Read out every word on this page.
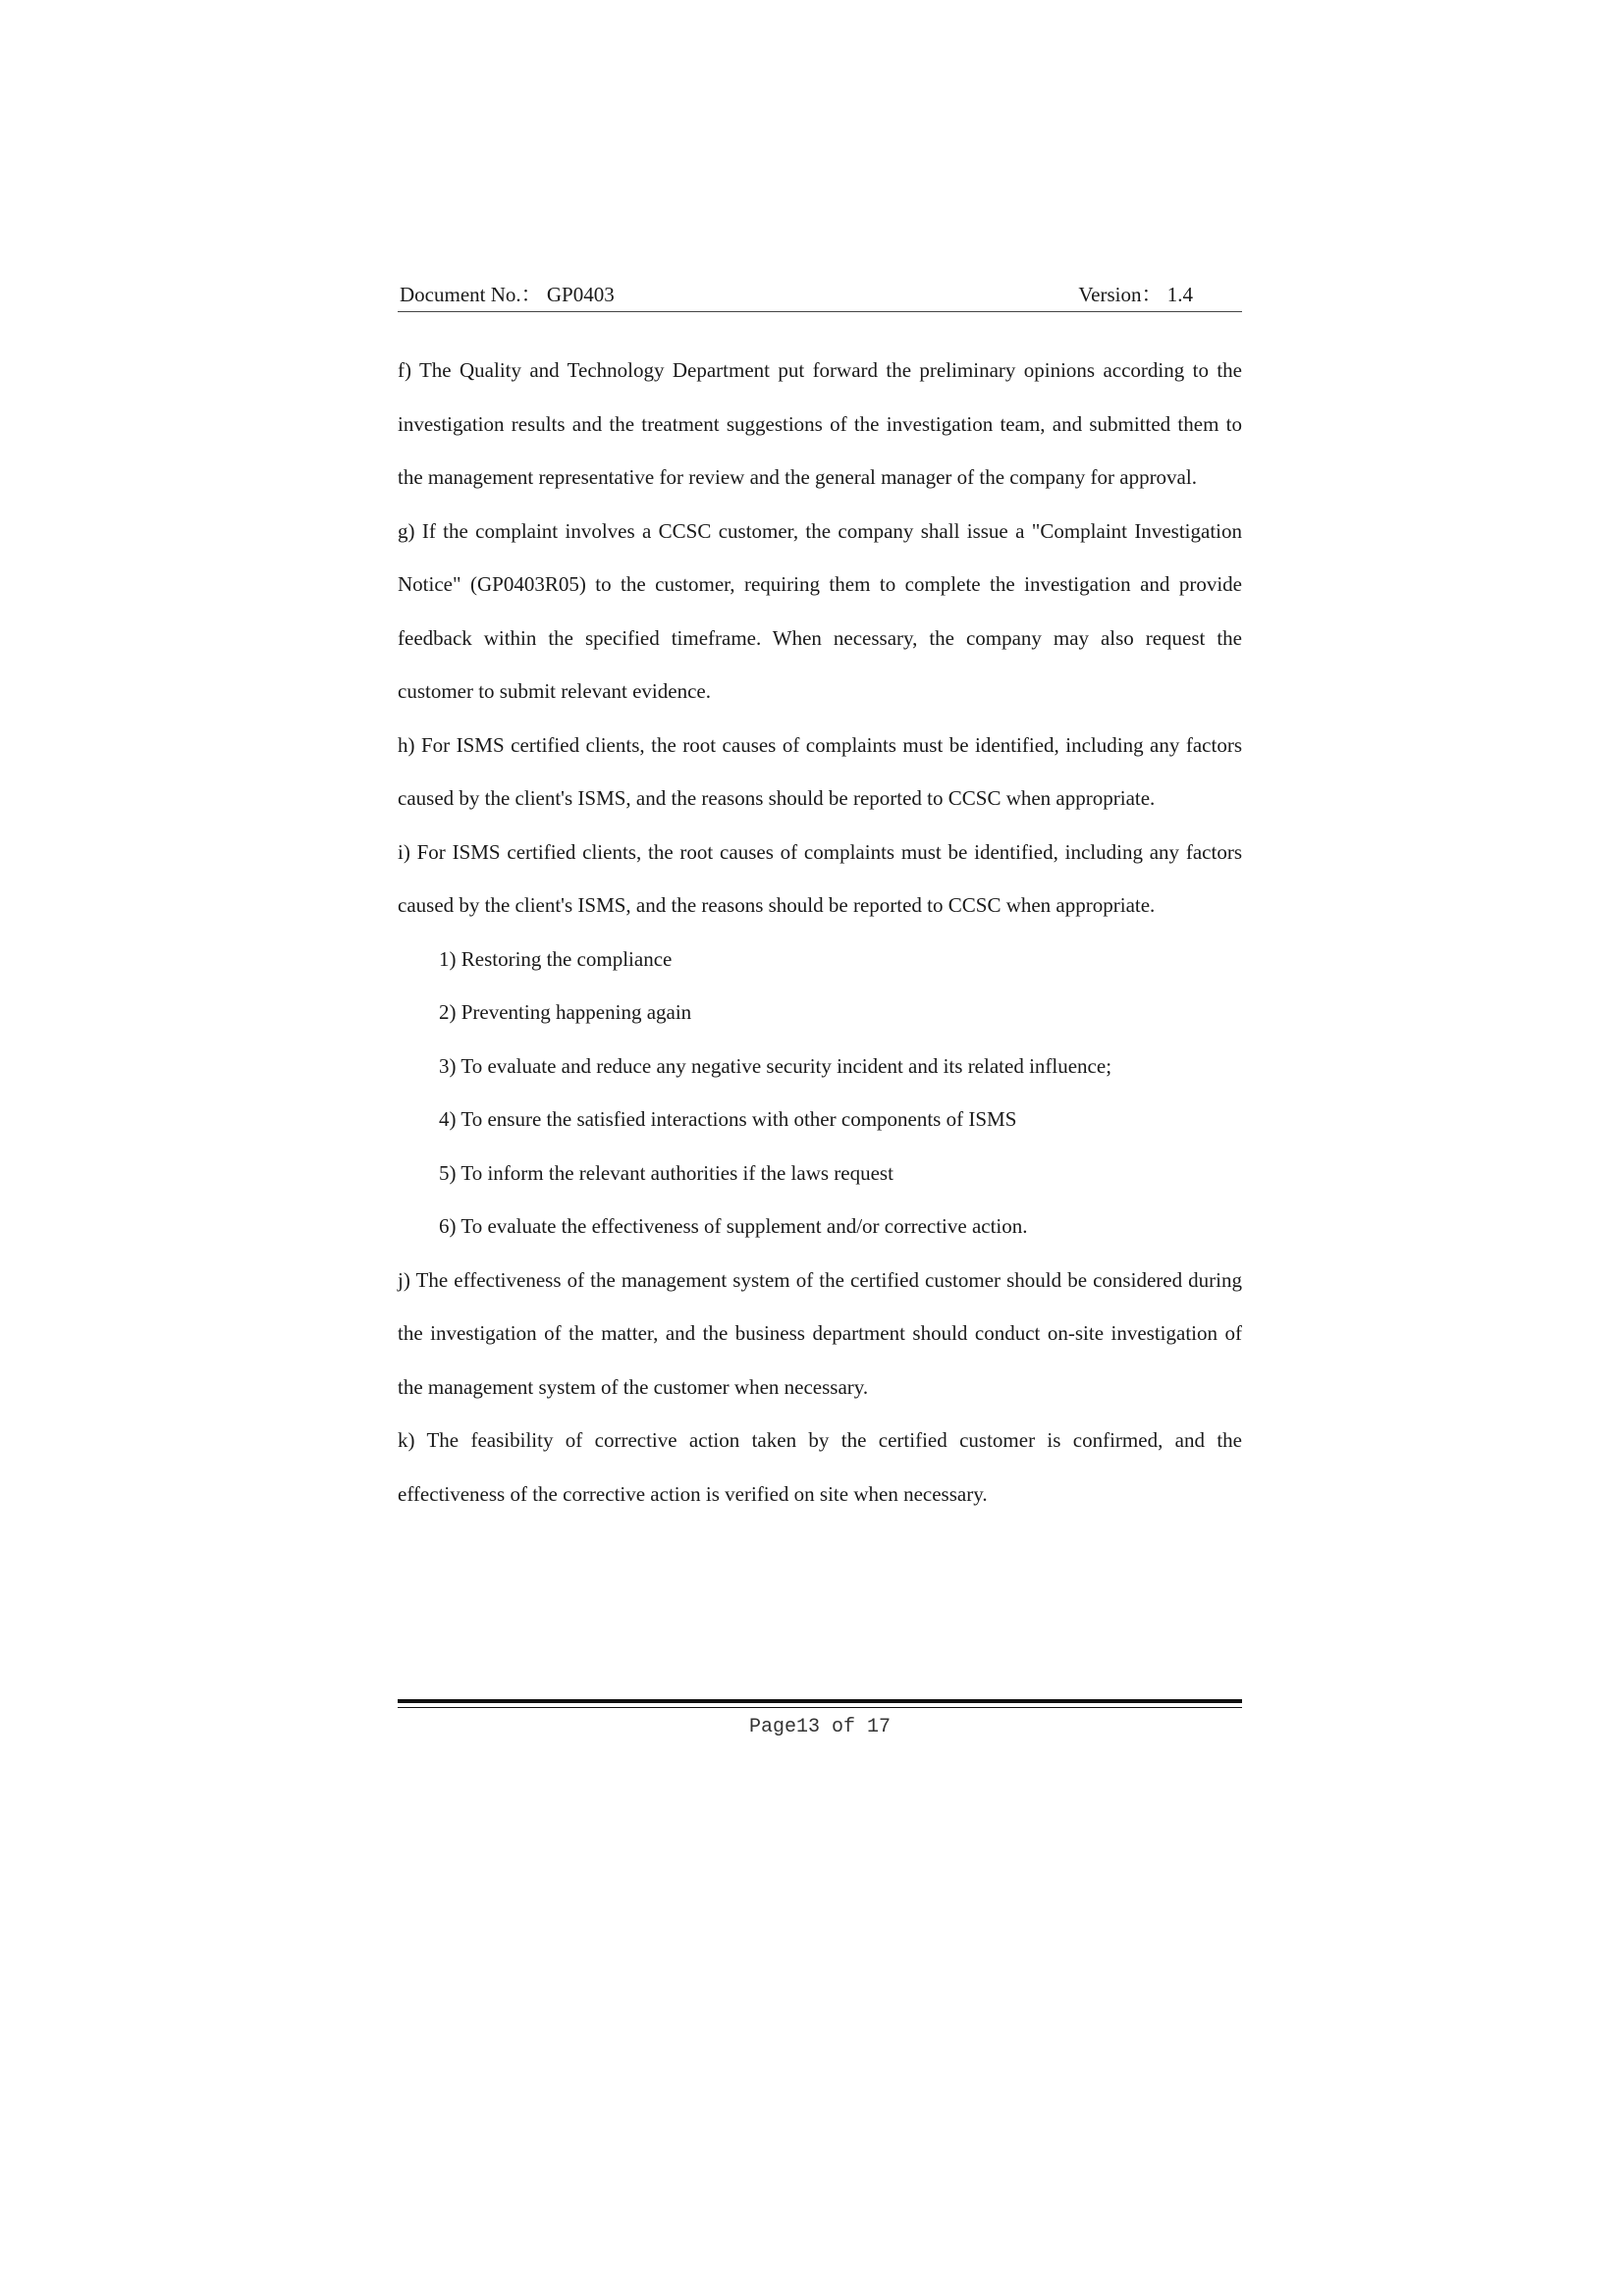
Document No.： GP0403	Version： 1.4

f) The Quality and Technology Department put forward the preliminary opinions according to the investigation results and the treatment suggestions of the investigation team, and submitted them to the management representative for review and the general manager of the company for approval.

g) If the complaint involves a CCSC customer, the company shall issue a "Complaint Investigation Notice" (GP0403R05) to the customer, requiring them to complete the investigation and provide feedback within the specified timeframe. When necessary, the company may also request the customer to submit relevant evidence.

h) For ISMS certified clients, the root causes of complaints must be identified, including any factors caused by the client's ISMS, and the reasons should be reported to CCSC when appropriate.

i) For ISMS certified clients, the root causes of complaints must be identified, including any factors caused by the client's ISMS, and the reasons should be reported to CCSC when appropriate.

1) Restoring the compliance

2) Preventing happening again

3) To evaluate and reduce any negative security incident and its related influence;

4) To ensure the satisfied interactions with other components of ISMS

5) To inform the relevant authorities if the laws request

6) To evaluate the effectiveness of supplement and/or corrective action.

j) The effectiveness of the management system of the certified customer should be considered during the investigation of the matter, and the business department should conduct on-site investigation of the management system of the customer when necessary.

k) The feasibility of corrective action taken by the certified customer is confirmed, and the effectiveness of the corrective action is verified on site when necessary.

Page13 of 17
